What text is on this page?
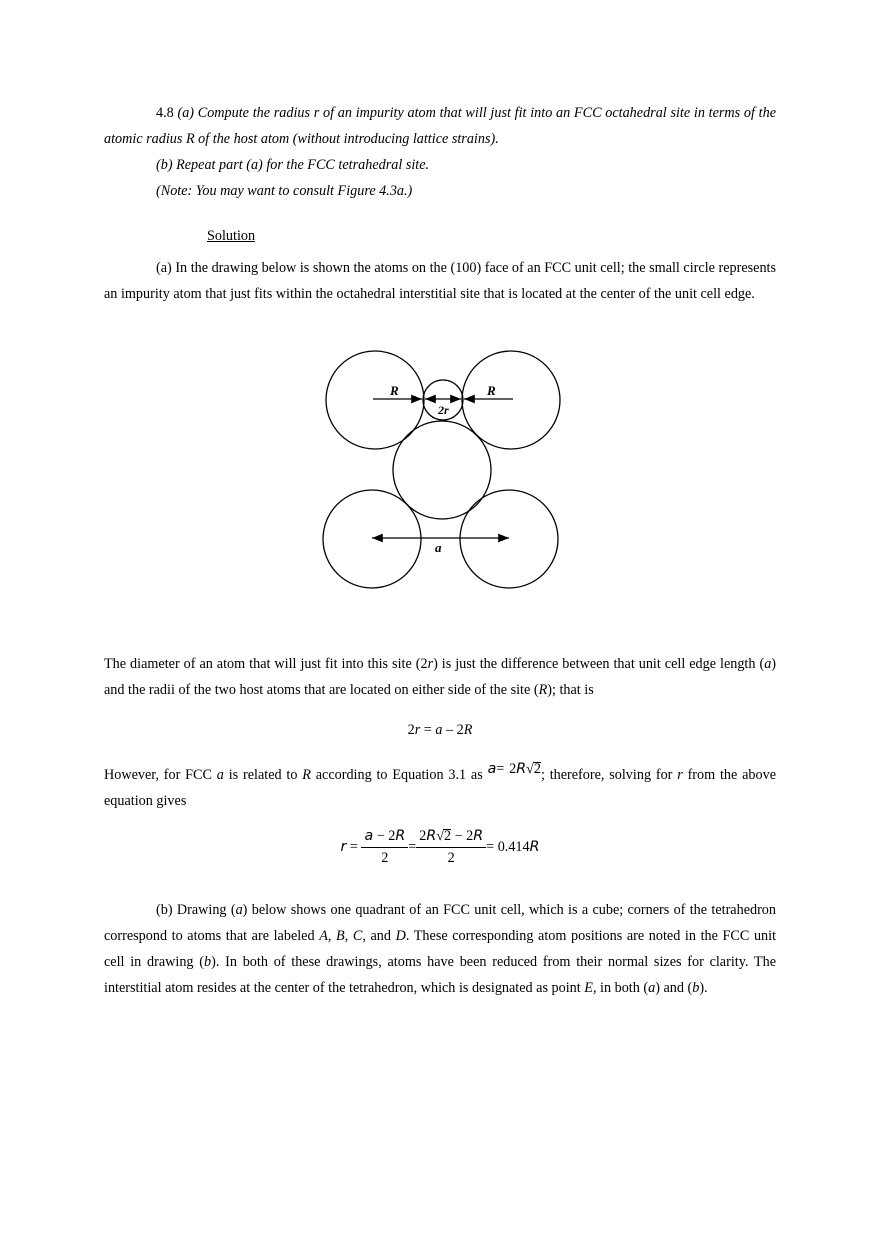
4.8 (a) Compute the radius r of an impurity atom that will just fit into an FCC octahedral site in terms of the atomic radius R of the host atom (without introducing lattice strains).

(b) Repeat part (a) for the FCC tetrahedral site.

(Note: You may want to consult Figure 4.3a.)

Solution

(a) In the drawing below is shown the atoms on the (100) face of an FCC unit cell; the small circle represents an impurity atom that just fits within the octahedral interstitial site that is located at the center of the unit cell edge.

R	R
2r
a

The diameter of an atom that will just fit into this site (2r) is just the difference between that unit cell edge length (a) and the radii of the two host atoms that are located on either side of the site (R); that is

2r = a – 2R

However, for FCC a is related to R according to Equation 3.1 as a= 2R√2; therefore, solving for r from the above equation gives

$r = \frac{a - 2R}{2} = \frac{2R√2 - 2R}{2} = 0.414R$

(b) Drawing (a) below shows one quadrant of an FCC unit cell, which is a cube; corners of the tetrahedron correspond to atoms that are labeled A, B, C, and D. These corresponding atom positions are noted in the FCC unit cell in drawing (b). In both of these drawings, atoms have been reduced from their normal sizes for clarity. The interstitial atom resides at the center of the tetrahedron, which is designated as point E, in both (a) and (b).
